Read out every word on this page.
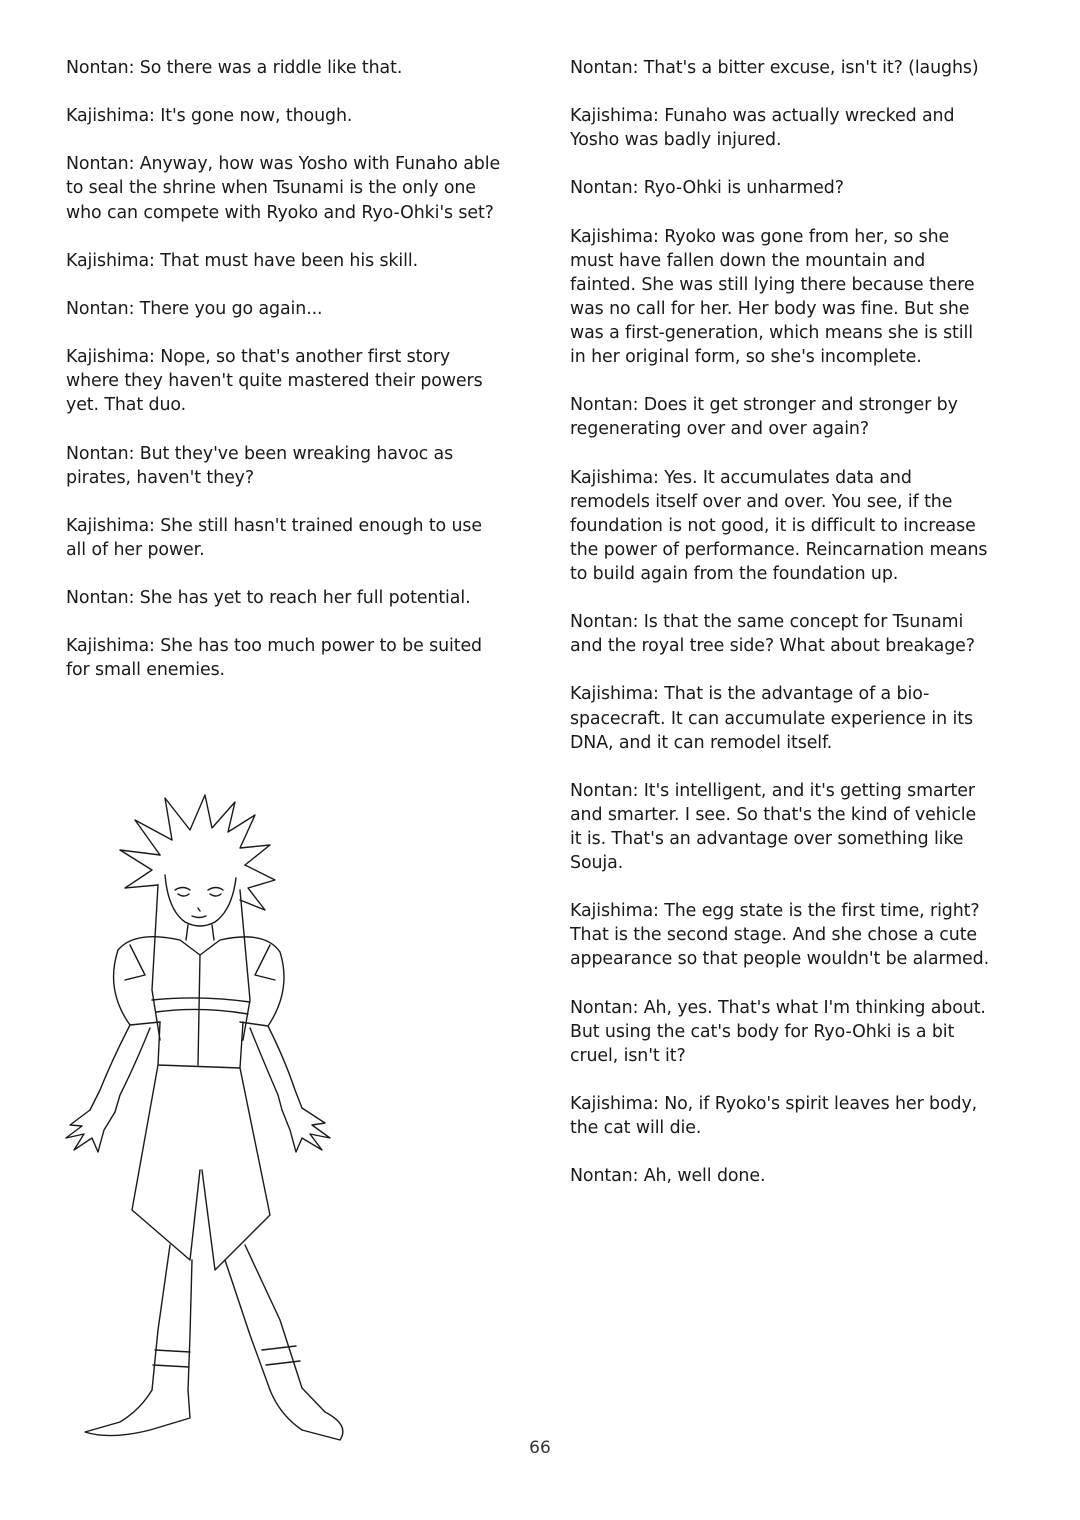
Nontan: So there was a riddle like that.

Kajishima: It's gone now, though.

Nontan: Anyway, how was Yosho with Funaho able to seal the shrine when Tsunami is the only one who can compete with Ryoko and Ryo-Ohki's set?

Kajishima: That must have been his skill.

Nontan: There you go again...

Kajishima: Nope, so that's another first story where they haven't quite mastered their powers yet. That duo.

Nontan: But they've been wreaking havoc as pirates, haven't they?

Kajishima: She still hasn't trained enough to use all of her power.

Nontan: She has yet to reach her full potential.

Kajishima: She has too much power to be suited for small enemies.

Nontan: That's a bitter excuse, isn't it? (laughs)

Kajishima: Funaho was actually wrecked and Yosho was badly injured.

Nontan: Ryo-Ohki is unharmed?

Kajishima: Ryoko was gone from her, so she must have fallen down the mountain and fainted. She was still lying there because there was no call for her. Her body was fine. But she was a first-generation, which means she is still in her original form, so she's incomplete.

Nontan: Does it get stronger and stronger by regenerating over and over again?

Kajishima: Yes. It accumulates data and remodels itself over and over. You see, if the foundation is not good, it is difficult to increase the power of performance. Reincarnation means to build again from the foundation up.

Nontan: Is that the same concept for Tsunami and the royal tree side? What about breakage?

Kajishima: That is the advantage of a bio-spacecraft. It can accumulate experience in its DNA, and it can remodel itself.

Nontan: It's intelligent, and it's getting smarter and smarter. I see. So that's the kind of vehicle it is. That's an advantage over something like Souja.

Kajishima: The egg state is the first time, right? That is the second stage. And she chose a cute appearance so that people wouldn't be alarmed.

Nontan: Ah, yes. That's what I'm thinking about. But using the cat's body for Ryo-Ohki is a bit cruel, isn't it?

Kajishima: No, if Ryoko's spirit leaves her body, the cat will die.

Nontan: Ah, well done.

66
